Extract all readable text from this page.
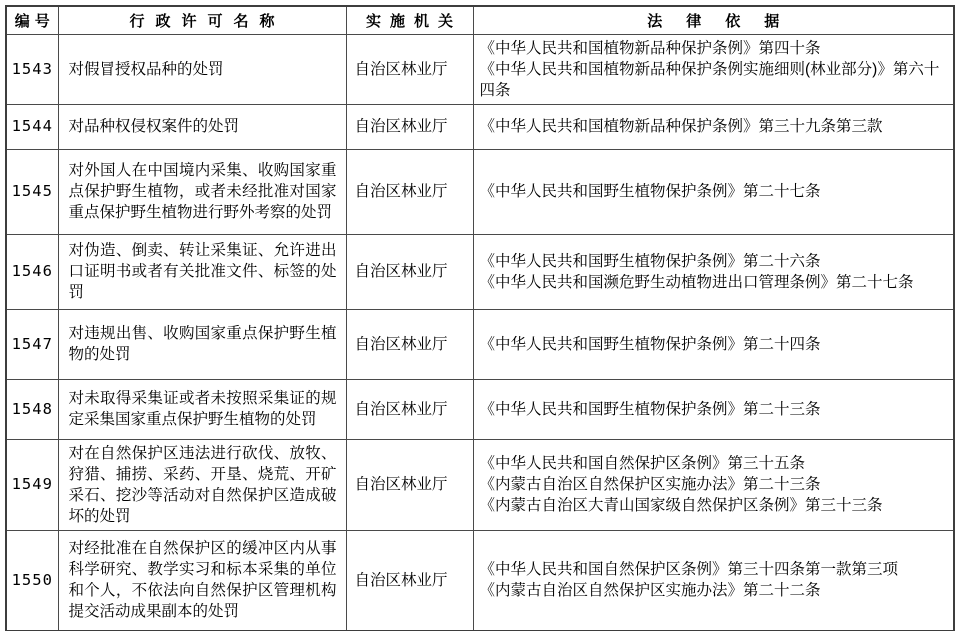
编号	行政许可名称	实施机关	法律依据
1543	对假冒授权品种的处罚	自治区林业厅	《中华人民共和国植物新品种保护条例》第四十条
《中华人民共和国植物新品种保护条例实施细则(林业部分)》第六十四条

1544	对品种权侵权案件的处罚	自治区林业厅	《中华人民共和国植物新品种保护条例》第三十九条第三款

1545	对外国人在中国境内采集、收购国家重点保护野生植物，或者未经批准对国家重点保护野生植物进行野外考察的处罚	自治区林业厅	《中华人民共和国野生植物保护条例》第二十七条

1546	对伪造、倒卖、转让采集证、允许进出口证明书或者有关批准文件、标签的处罚	自治区林业厅	《中华人民共和国野生植物保护条例》第二十六条
《中华人民共和国濒危野生动植物进出口管理条例》第二十七条

1547	对违规出售、收购国家重点保护野生植物的处罚	自治区林业厅	《中华人民共和国野生植物保护条例》第二十四条

1548	对未取得采集证或者未按照采集证的规定采集国家重点保护野生植物的处罚	自治区林业厅	《中华人民共和国野生植物保护条例》第二十三条

1549	对在自然保护区违法进行砍伐、放牧、狩猎、捕捞、采药、开垦、烧荒、开矿采石、挖沙等活动对自然保护区造成破坏的处罚	自治区林业厅	《中华人民共和国自然保护区条例》第三十五条
《内蒙古自治区自然保护区实施办法》第二十三条
《内蒙古自治区大青山国家级自然保护区条例》第三十三条

1550	对经批准在自然保护区的缓冲区内从事科学研究、教学实习和标本采集的单位和个人，不依法向自然保护区管理机构提交活动成果副本的处罚	自治区林业厅	《中华人民共和国自然保护区条例》第三十四条第一款第三项
《内蒙古自治区自然保护区实施办法》第二十二条
